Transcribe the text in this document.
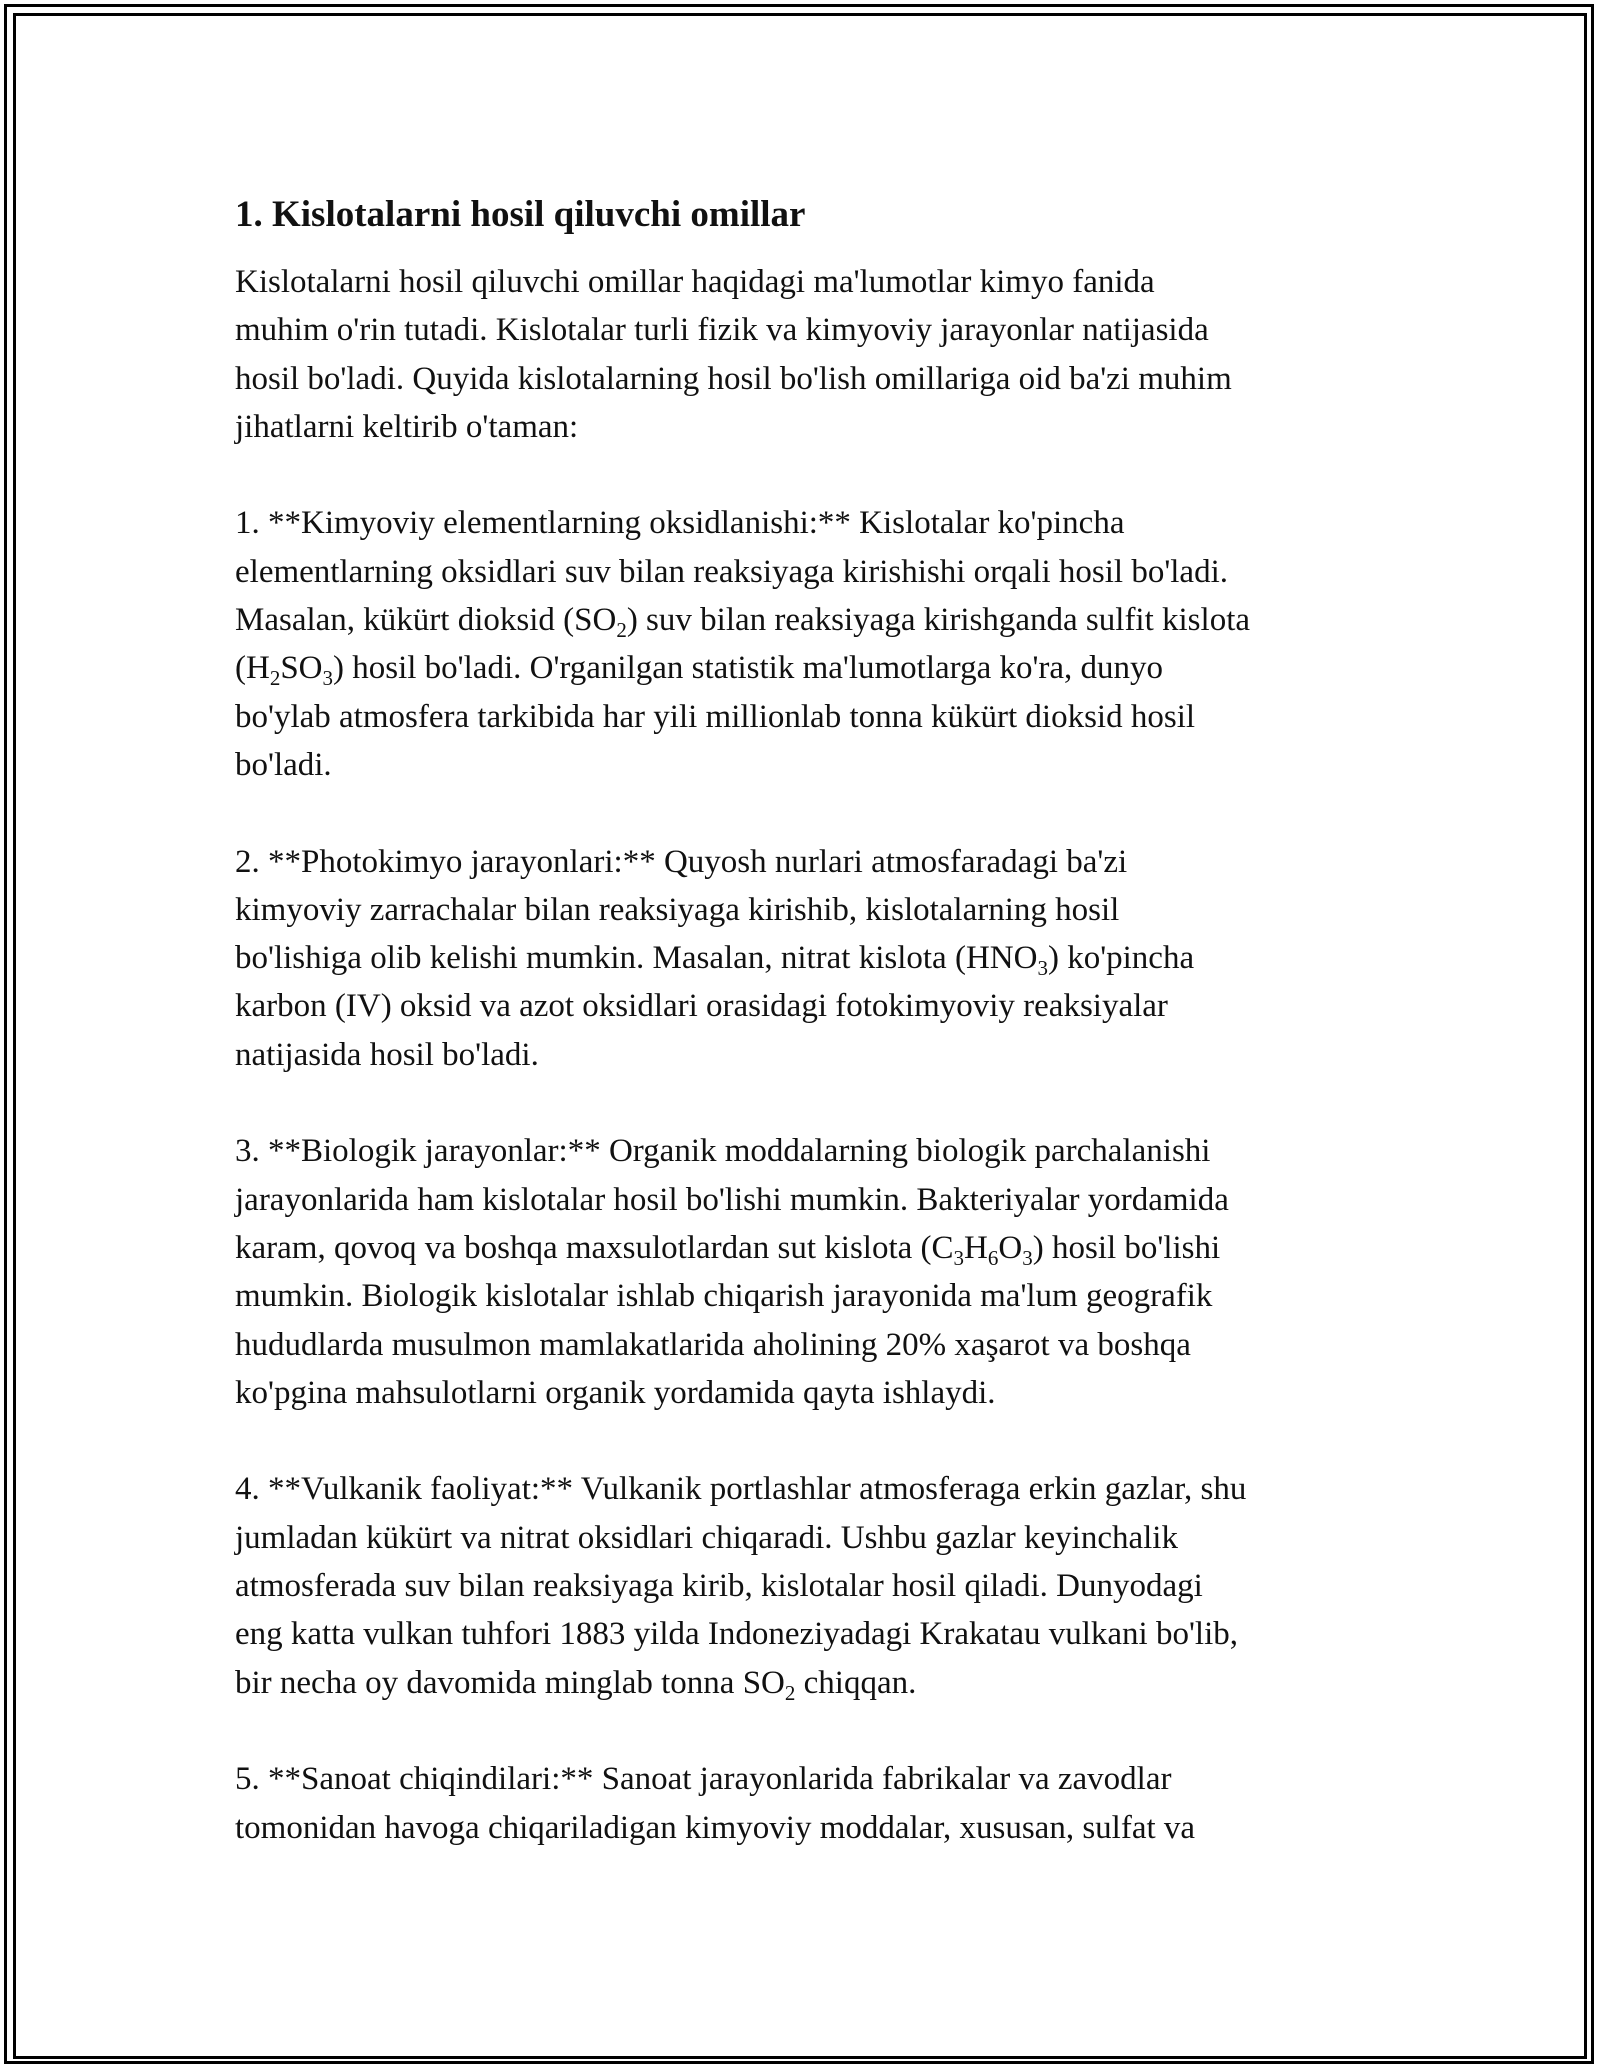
1. Kislotalarni hosil qiluvchi omillar
Kislotalarni hosil qiluvchi omillar haqidagi ma'lumotlar kimyo fanida
muhim o'rin tutadi. Kislotalar turli fizik va kimyoviy jarayonlar natijasida
hosil bo'ladi. Quyida kislotalarning hosil bo'lish omillariga oid ba'zi muhim
jihatlarni keltirib o'taman:
1. **Kimyoviy elementlarning oksidlanishi:** Kislotalar ko'pincha
elementlarning oksidlari suv bilan reaksiyaga kirishishi orqali hosil bo'ladi.
Masalan, kükürt dioksid $(SO_2)$ suv bilan reaksiyaga kirishganda sulfit kislota
$(H_2SO_3)$ hosil bo'ladi. O'rganilgan statistik ma'lumotlarga ko'ra, dunyo
bo'ylab atmosfera tarkibida har yili millionlab tonna kükürt dioksid hosil
bo'ladi.
2. **Photokimyo jarayonlari:** Quyosh nurlari atmosfaradagi ba'zi
kimyoviy zarrachalar bilan reaksiyaga kirishib, kislotalarning hosil
bo'lishiga olib kelishi mumkin. Masalan, nitrat kislota $(HNO_3)$ ko'pincha
karbon (IV) oksid va azot oksidlari orasidagi fotokimyoviy reaksiyalar
natijasida hosil bo'ladi.
3. **Biologik jarayonlar:** Organik moddalarning biologik parchalanishi
jarayonlarida ham kislotalar hosil bo'lishi mumkin. Bakteriyalar yordamida
karam, qovoq va boshqa maxsulotlardan sut kislota $(C_3H_6O_3)$ hosil bo'lishi
mumkin. Biologik kislotalar ishlab chiqarish jarayonida ma'lum geografik
hududlarda musulmon mamlakatlarida aholining 20% xaşarot va boshqa
ko'pgina mahsulotlarni organik yordamida qayta ishlaydi.
4. **Vulkanik faoliyat:** Vulkanik portlashlar atmosferaga erkin gazlar, shu
jumladan kükürt va nitrat oksidlari chiqaradi. Ushbu gazlar keyinchalik
atmosferada suv bilan reaksiyaga kirib, kislotalar hosil qiladi. Dunyodagi
eng katta vulkan tuhfori 1883 yilda Indoneziyadagi Krakatau vulkani bo'lib,
bir necha oy davomida minglab tonna $SO_2$ chiqqan.
5. **Sanoat chiqindilari:** Sanoat jarayonlarida fabrikalar va zavodlar
tomonidan havoga chiqariladigan kimyoviy moddalar, xususan, sulfat va
